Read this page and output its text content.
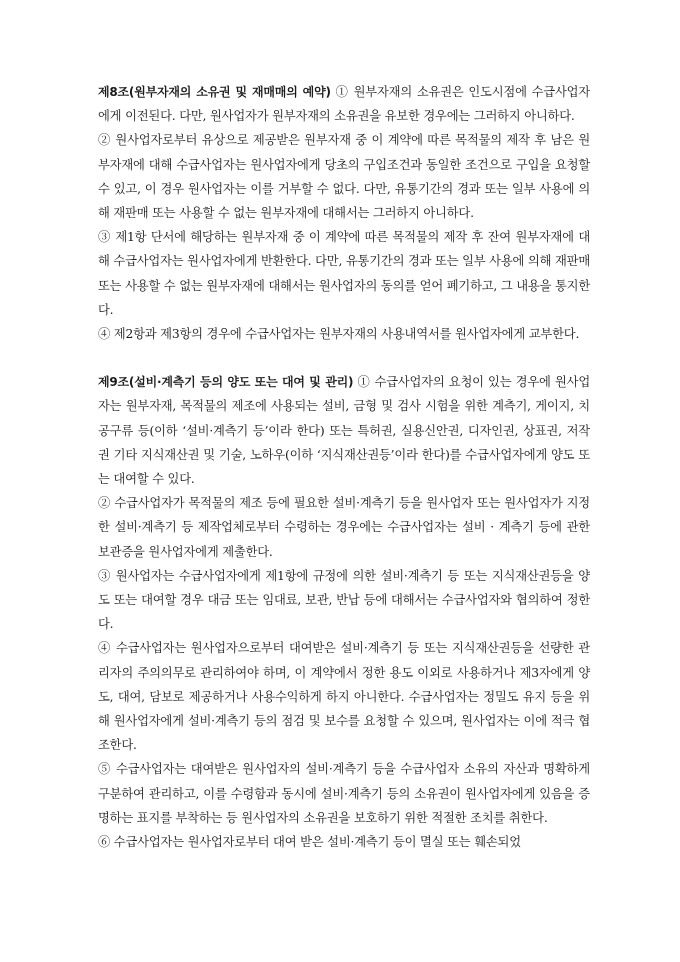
제8조(원부자재의 소유권 및 재매매의 예약) ① 원부자재의 소유권은 인도시점에 수급사업자에게 이전된다. 다만, 원사업자가 원부자재의 소유권을 유보한 경우에는 그러하지 아니하다.

② 원사업자로부터 유상으로 제공받은 원부자재 중 이 계약에 따른 목적물의 제작 후 남은 원부자재에 대해 수급사업자는 원사업자에게 당초의 구입조건과 동일한 조건으로 구입을 요청할 수 있고, 이 경우 원사업자는 이를 거부할 수 없다. 다만, 유통기간의 경과 또는 일부 사용에 의해 재판매 또는 사용할 수 없는 원부자재에 대해서는 그러하지 아니하다.

③ 제1항 단서에 해당하는 원부자재 중 이 계약에 따른 목적물의 제작 후 잔여 원부자재에 대해 수급사업자는 원사업자에게 반환한다. 다만, 유통기간의 경과 또는 일부 사용에 의해 재판매 또는 사용할 수 없는 원부자재에 대해서는 원사업자의 동의를 얻어 폐기하고, 그 내용을 통지한다.

④ 제2항과 제3항의 경우에 수급사업자는 원부자재의 사용내역서를 원사업자에게 교부한다.

제9조(설비·계측기 등의 양도 또는 대여 및 관리) ① 수급사업자의 요청이 있는 경우에 원사업자는 원부자재, 목적물의 제조에 사용되는 설비, 금형 및 검사 시험을 위한 계측기, 게이지, 치공구류 등(이하 ‘설비·계측기 등’이라 한다) 또는 특허권, 실용신안권, 디자인권, 상표권, 저작권 기타 지식재산권 및 기술, 노하우(이하 ‘지식재산권등’이라 한다)를 수급사업자에게 양도 또는 대여할 수 있다.

② 수급사업자가 목적물의 제조 등에 필요한 설비·계측기 등을 원사업자 또는 원사업자가 지정한 설비·계측기 등 제작업체로부터 수령하는 경우에는 수급사업자는 설비 · 계측기 등에 관한 보관증을 원사업자에게 제출한다.

③ 원사업자는 수급사업자에게 제1항에 규정에 의한 설비·계측기 등 또는 지식재산권등을 양도 또는 대여할 경우 대금 또는 임대료, 보관, 반납 등에 대해서는 수급사업자와 협의하여 정한다.

④ 수급사업자는 원사업자으로부터 대여받은 설비·계측기 등 또는 지식재산권등을 선량한 관리자의 주의의무로 관리하여야 하며, 이 계약에서 정한 용도 이외로 사용하거나 제3자에게 양도, 대여, 담보로 제공하거나 사용수익하게 하지 아니한다. 수급사업자는 정밀도 유지 등을 위해 원사업자에게 설비·계측기 등의 점검 및 보수를 요청할 수 있으며, 원사업자는 이에 적극 협조한다.

⑤ 수급사업자는 대여받은 원사업자의 설비·계측기 등을 수급사업자 소유의 자산과 명확하게 구분하여 관리하고, 이를 수령함과 동시에 설비·계측기 등의 소유권이 원사업자에게 있음을 증명하는 표지를 부착하는 등 원사업자의 소유권을 보호하기 위한 적절한 조치를 취한다.

⑥ 수급사업자는 원사업자로부터 대여 받은 설비·계측기 등이 멸실 또는 훼손되었
